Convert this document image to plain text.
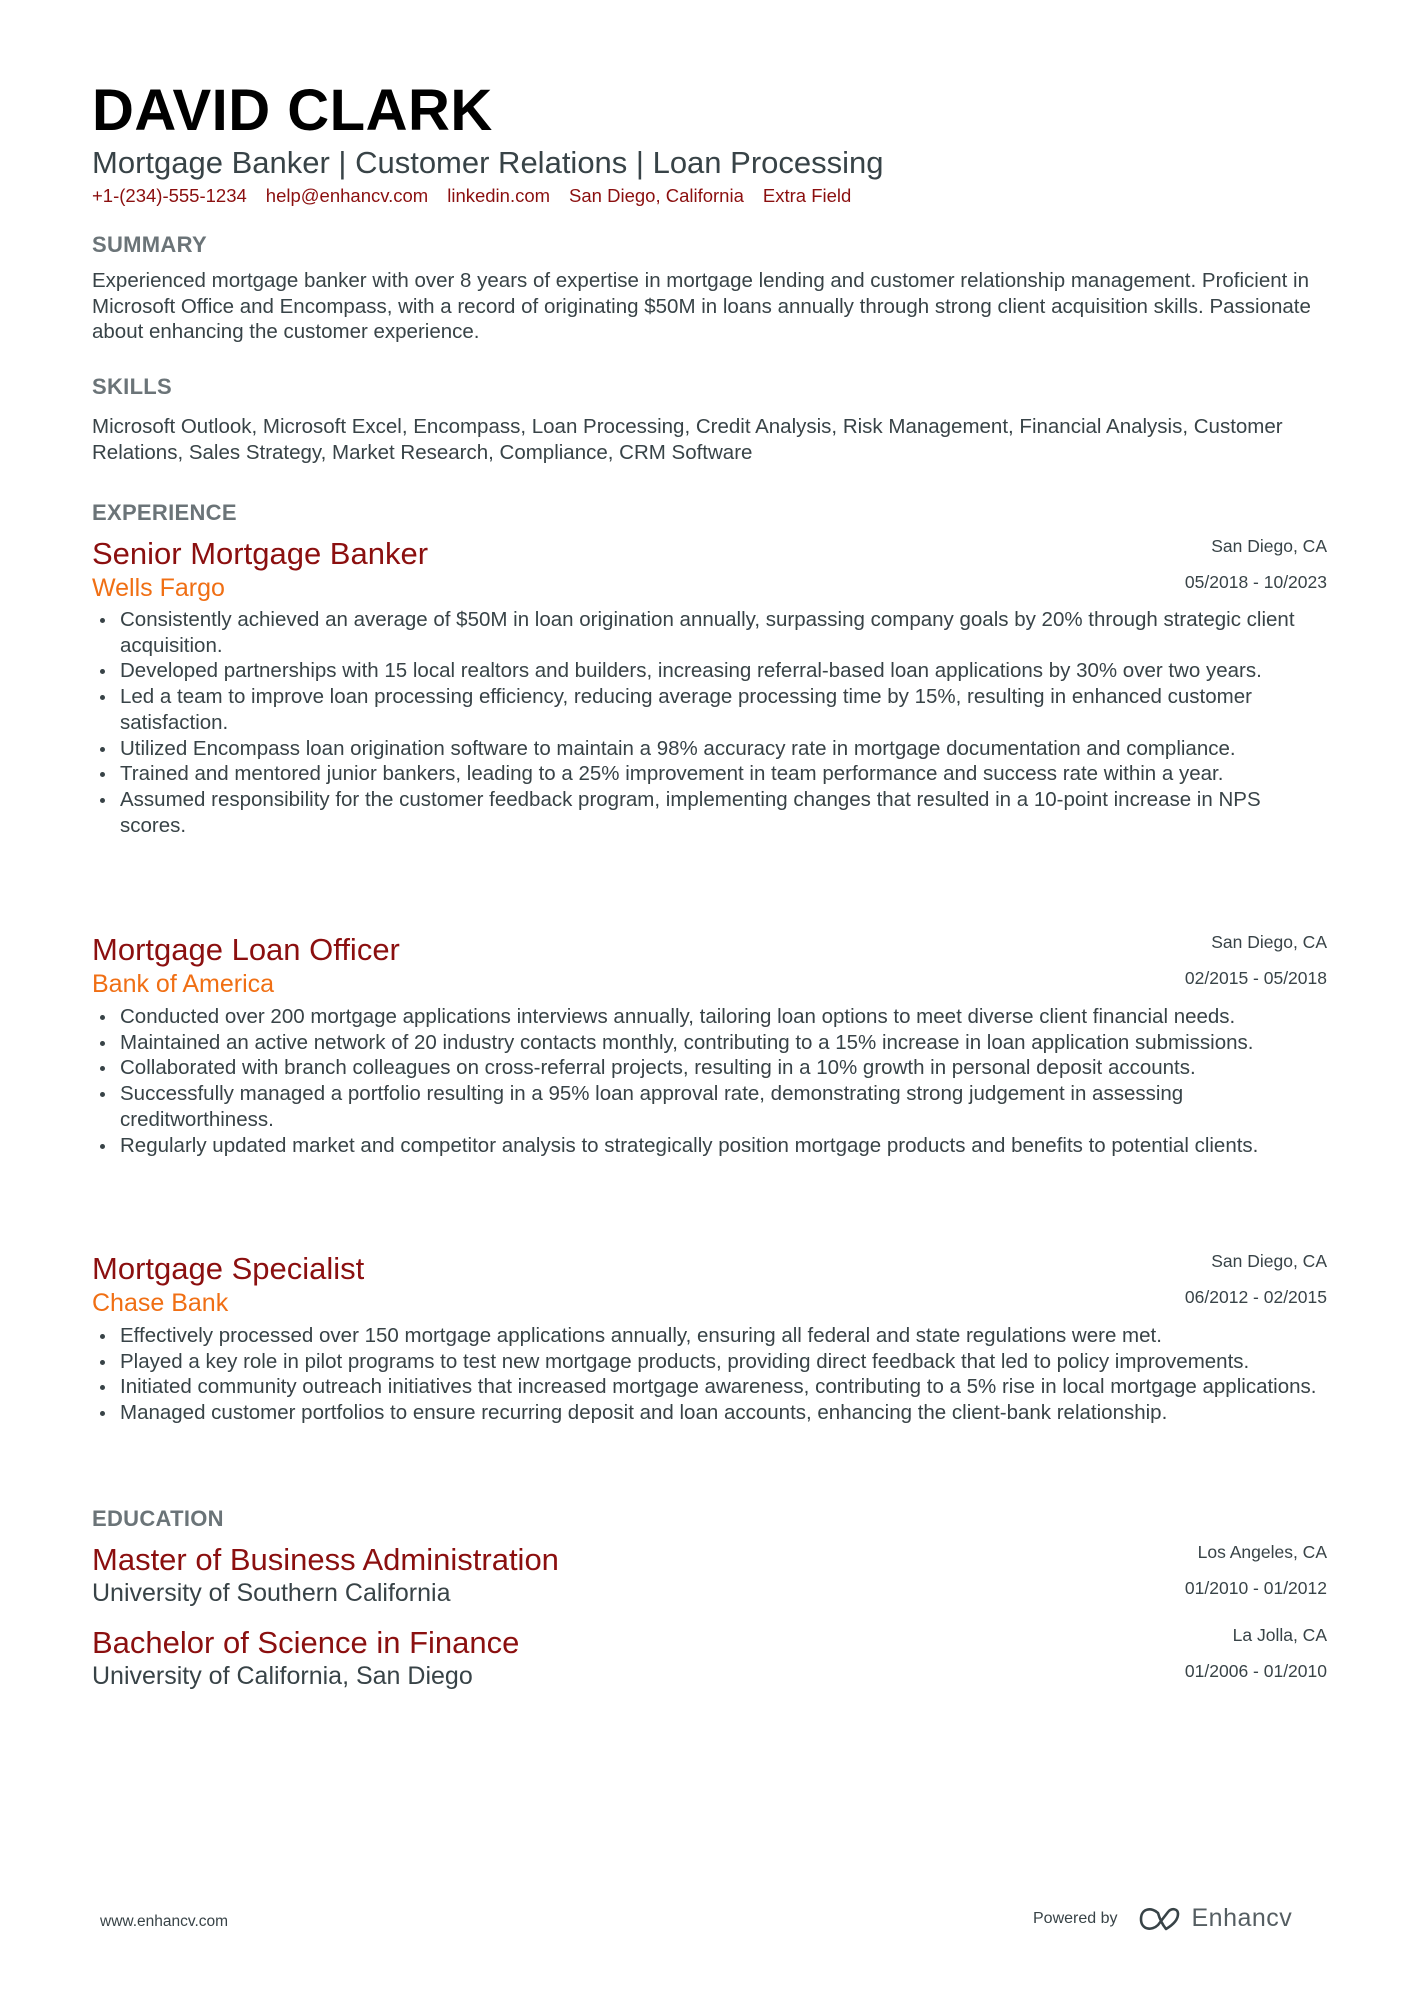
DAVID CLARK
Mortgage Banker | Customer Relations | Loan Processing
+1-(234)-555-1234 help@enhancv.com linkedin.com San Diego, California Extra Field
SUMMARY
Experienced mortgage banker with over 8 years of expertise in mortgage lending and customer relationship management. Proficient in Microsoft Office and Encompass, with a record of originating $50M in loans annually through strong client acquisition skills. Passionate about enhancing the customer experience.
SKILLS
Microsoft Outlook, Microsoft Excel, Encompass, Loan Processing, Credit Analysis, Risk Management, Financial Analysis, Customer Relations, Sales Strategy, Market Research, Compliance, CRM Software
EXPERIENCE
Senior Mortgage Banker
Wells Fargo
San Diego, CA
05/2018 - 10/2023
Consistently achieved an average of $50M in loan origination annually, surpassing company goals by 20% through strategic client acquisition.
Developed partnerships with 15 local realtors and builders, increasing referral-based loan applications by 30% over two years.
Led a team to improve loan processing efficiency, reducing average processing time by 15%, resulting in enhanced customer satisfaction.
Utilized Encompass loan origination software to maintain a 98% accuracy rate in mortgage documentation and compliance.
Trained and mentored junior bankers, leading to a 25% improvement in team performance and success rate within a year.
Assumed responsibility for the customer feedback program, implementing changes that resulted in a 10-point increase in NPS scores.
Mortgage Loan Officer
Bank of America
San Diego, CA
02/2015 - 05/2018
Conducted over 200 mortgage applications interviews annually, tailoring loan options to meet diverse client financial needs.
Maintained an active network of 20 industry contacts monthly, contributing to a 15% increase in loan application submissions.
Collaborated with branch colleagues on cross-referral projects, resulting in a 10% growth in personal deposit accounts.
Successfully managed a portfolio resulting in a 95% loan approval rate, demonstrating strong judgement in assessing creditworthiness.
Regularly updated market and competitor analysis to strategically position mortgage products and benefits to potential clients.
Mortgage Specialist
Chase Bank
San Diego, CA
06/2012 - 02/2015
Effectively processed over 150 mortgage applications annually, ensuring all federal and state regulations were met.
Played a key role in pilot programs to test new mortgage products, providing direct feedback that led to policy improvements.
Initiated community outreach initiatives that increased mortgage awareness, contributing to a 5% rise in local mortgage applications.
Managed customer portfolios to ensure recurring deposit and loan accounts, enhancing the client-bank relationship.
EDUCATION
Master of Business Administration
University of Southern California
Los Angeles, CA
01/2010 - 01/2012
Bachelor of Science in Finance
University of California, San Diego
La Jolla, CA
01/2006 - 01/2010
www.enhancv.com	Powered by	Enhancv
